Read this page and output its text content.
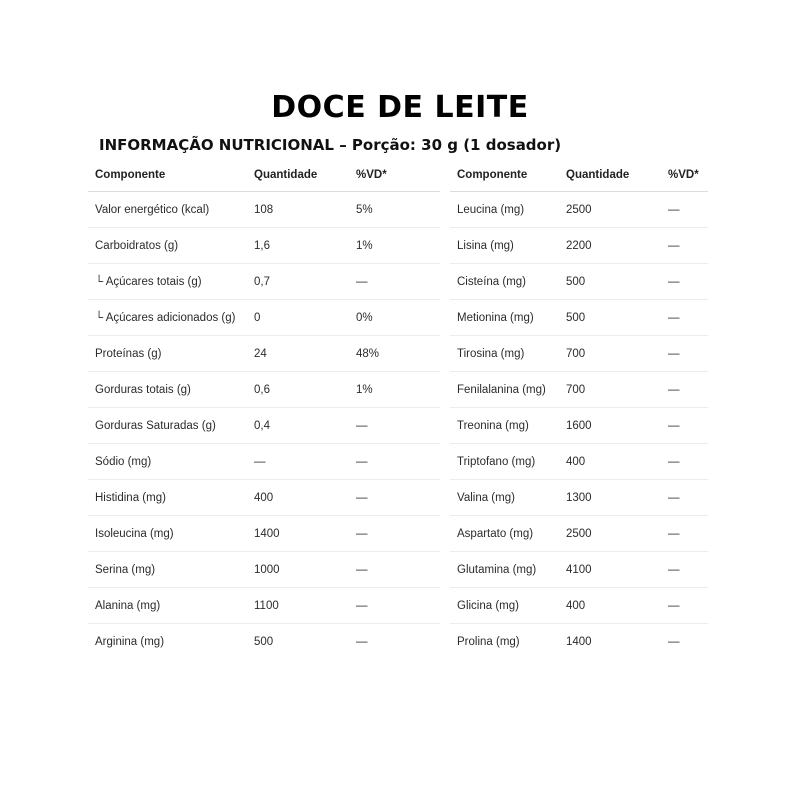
DOCE DE LEITE
INFORMAÇÃO NUTRICIONAL – Porção: 30 g (1 dosador)
Componente	Quantidade	%VD*
Valor energético (kcal)	108	5%
Carboidratos (g)	1,6	1%
└ Açúcares totais (g)	0,7	—
└ Açúcares adicionados (g)	0	0%
Proteínas (g)	24	48%
Gorduras totais (g)	0,6	1%
Gorduras Saturadas (g)	0,4	—
Sódio (mg)	—	—
Histidina (mg)	400	—
Isoleucina (mg)	1400	—
Serina (mg)	1000	—
Alanina (mg)	1100	—
Arginina (mg)	500	—
Componente	Quantidade	%VD*
Leucina (mg)	2500	—
Lisina (mg)	2200	—
Cisteína (mg)	500	—
Metionina (mg)	500	—
Tirosina (mg)	700	—
Fenilalanina (mg)	700	—
Treonina (mg)	1600	—
Triptofano (mg)	400	—
Valina (mg)	1300	—
Aspartato (mg)	2500	—
Glutamina (mg)	4100	—
Glicina (mg)	400	—
Prolina (mg)	1400	—
